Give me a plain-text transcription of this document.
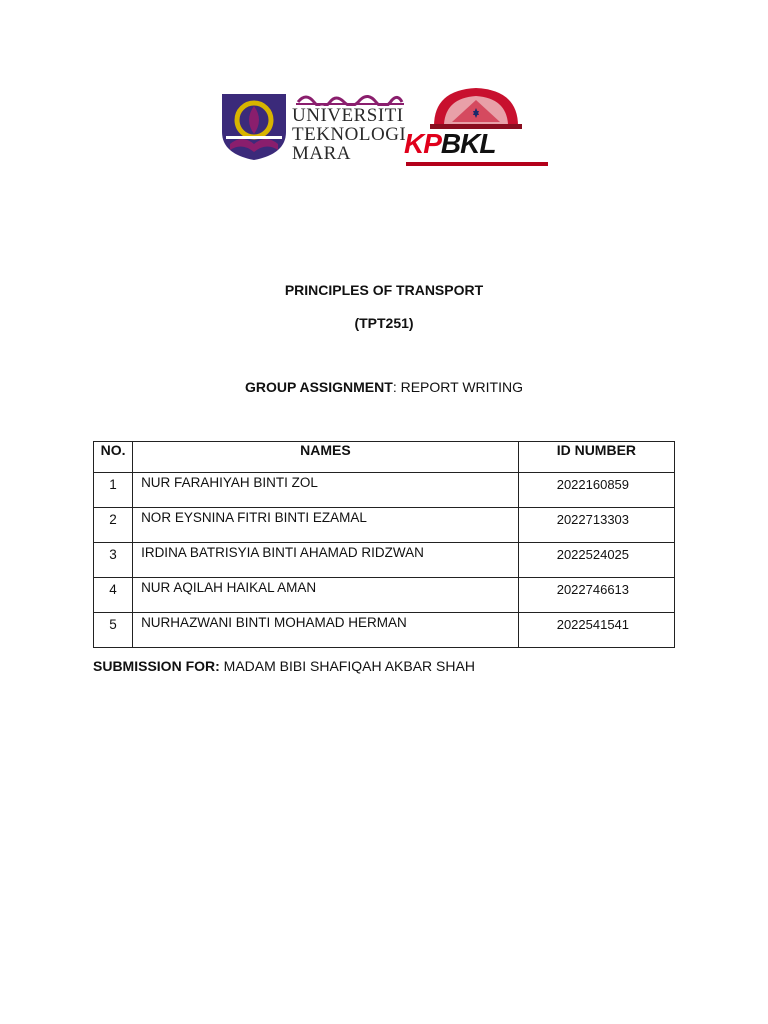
UNIVERSITI
TEKNOLOGI
MARA	KPBKL
PRINCIPLES OF TRANSPORT
(TPT251)
GROUP ASSIGNMENT: REPORT WRITING
NO.	NAMES	ID NUMBER
1	NUR FARAHIYAH BINTI ZOL	2022160859
2	NOR EYSNINA FITRI BINTI EZAMAL	2022713303
3	IRDINA BATRISYIA BINTI AHAMAD RIDZWAN	2022524025
4	NUR AQILAH HAIKAL AMAN	2022746613
5	NURHAZWANI BINTI MOHAMAD HERMAN	2022541541
SUBMISSION FOR: MADAM BIBI SHAFIQAH AKBAR SHAH
